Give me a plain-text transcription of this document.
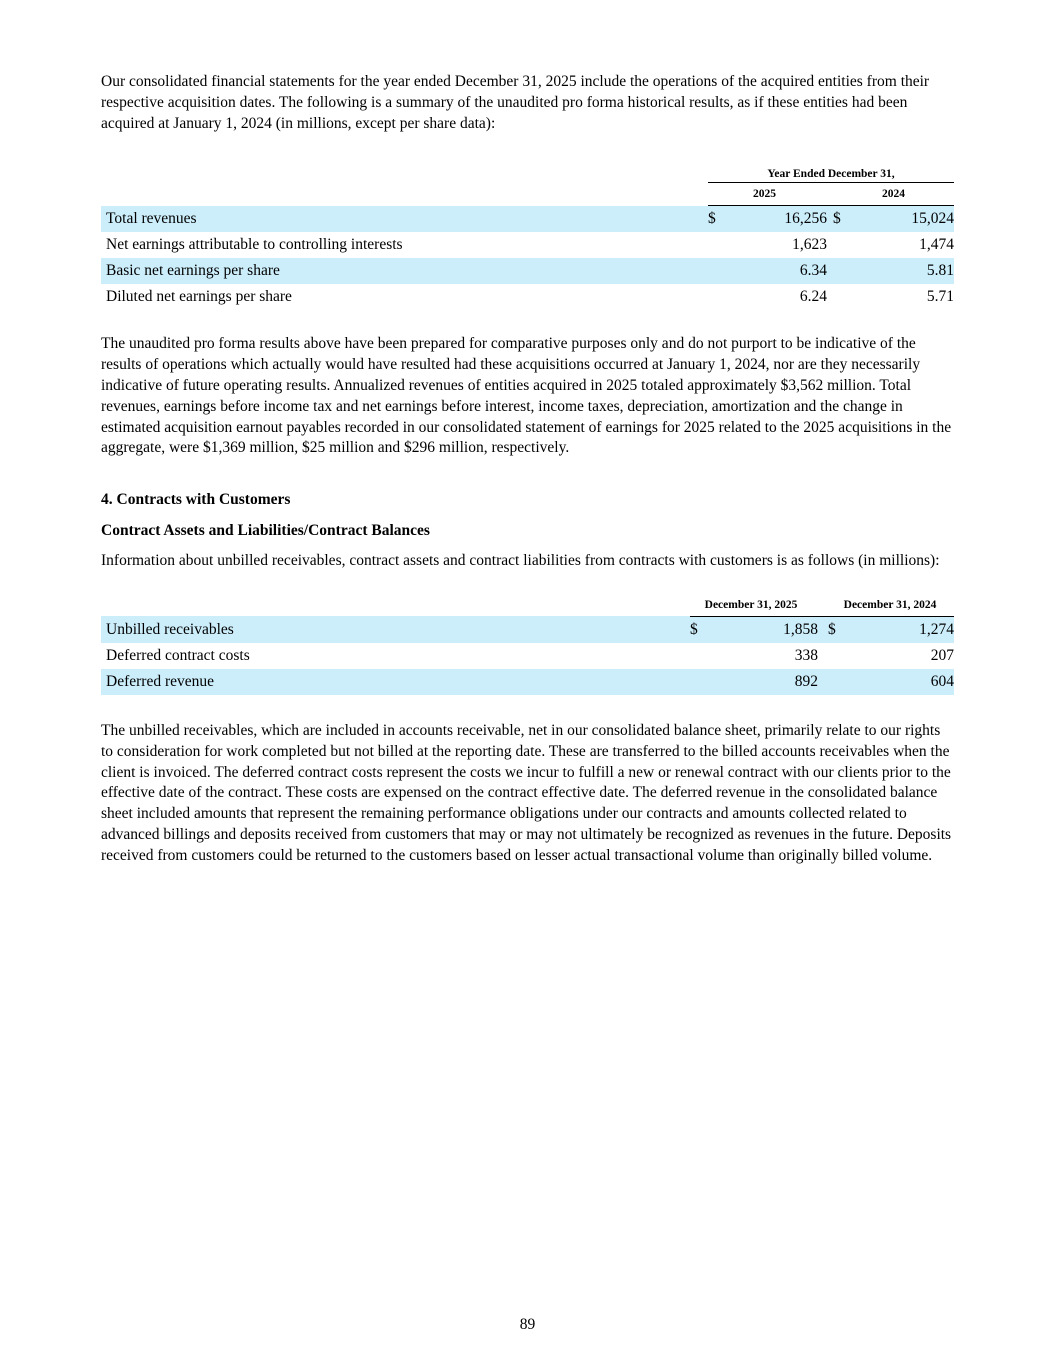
Our consolidated financial statements for the year ended December 31, 2025 include the operations of the acquired entities from their respective acquisition dates. The following is a summary of the unaudited pro forma historical results, as if these entities had been acquired at January 1, 2024 (in millions, except per share data):

	Year Ended December 31,			
	2025		2024	
Total revenues	$	16,256	$	15,024
Net earnings attributable to controlling interests		1,623		1,474
Basic net earnings per share		6.34		5.81
Diluted net earnings per share		6.24		5.71

The unaudited pro forma results above have been prepared for comparative purposes only and do not purport to be indicative of the results of operations which actually would have resulted had these acquisitions occurred at January 1, 2024, nor are they necessarily indicative of future operating results. Annualized revenues of entities acquired in 2025 totaled approximately $3,562 million. Total revenues, earnings before income tax and net earnings before interest, income taxes, depreciation, amortization and the change in estimated acquisition earnout payables recorded in our consolidated statement of earnings for 2025 related to the 2025 acquisitions in the aggregate, were $1,369 million, $25 million and $296 million, respectively.

4. Contracts with Customers

Contract Assets and Liabilities/Contract Balances

Information about unbilled receivables, contract assets and contract liabilities from contracts with customers is as follows (in millions):

	December 31, 2025		December 31, 2024	
Unbilled receivables	$	1,858	$	1,274
Deferred contract costs		338		207
Deferred revenue		892		604

The unbilled receivables, which are included in accounts receivable, net in our consolidated balance sheet, primarily relate to our rights to consideration for work completed but not billed at the reporting date. These are transferred to the billed accounts receivables when the client is invoiced. The deferred contract costs represent the costs we incur to fulfill a new or renewal contract with our clients prior to the effective date of the contract. These costs are expensed on the contract effective date. The deferred revenue in the consolidated balance sheet included amounts that represent the remaining performance obligations under our contracts and amounts collected related to advanced billings and deposits received from customers that may or may not ultimately be recognized as revenues in the future. Deposits received from customers could be returned to the customers based on lesser actual transactional volume than originally billed volume.

89
